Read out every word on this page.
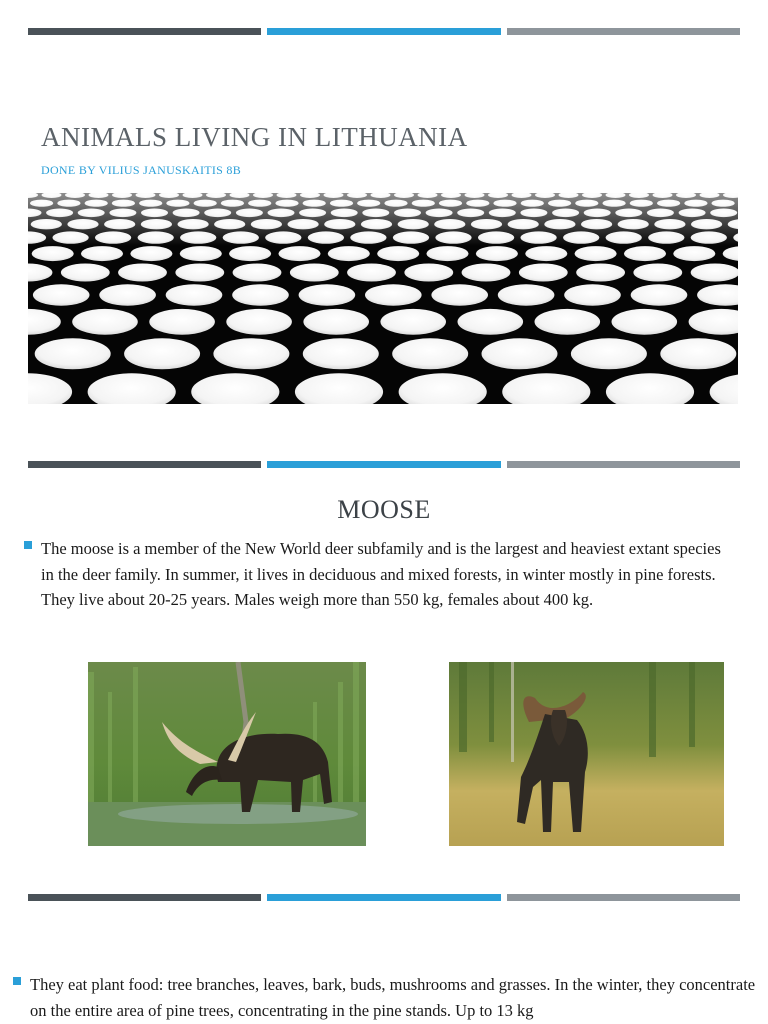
ANIMALS LIVING IN LITHUANIA
DONE BY VILIUS JANUSKAITIS 8B
MOOSE
The moose is a member of the New World deer subfamily and is the largest and heaviest extant species in the deer family. In summer, it lives in deciduous and mixed forests, in winter mostly in pine forests. They live about 20-25 years. Males weigh more than 550 kg, females about 400 kg.
They eat plant food: tree branches, leaves, bark, buds, mushrooms and grasses. In the winter, they concentrate on the entire area of pine trees, concentrating in the pine stands. Up to 13 kg
